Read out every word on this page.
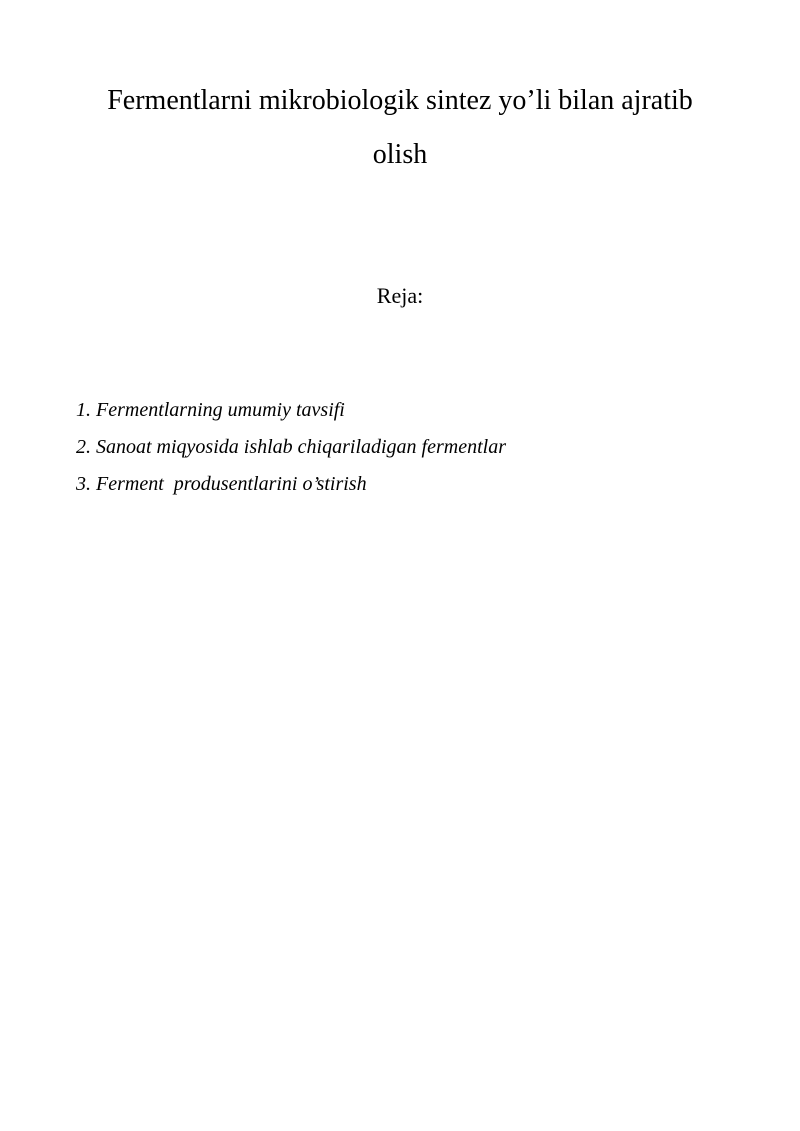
Fermentlarni mikrobiologik sintez yo’li bilan ajratib
olish
Reja:
1. Fermentlarning umumiy tavsifi
2. Sanoat miqyosida ishlab chiqariladigan fermentlar
3. Ferment  produsentlarini o’stirish
